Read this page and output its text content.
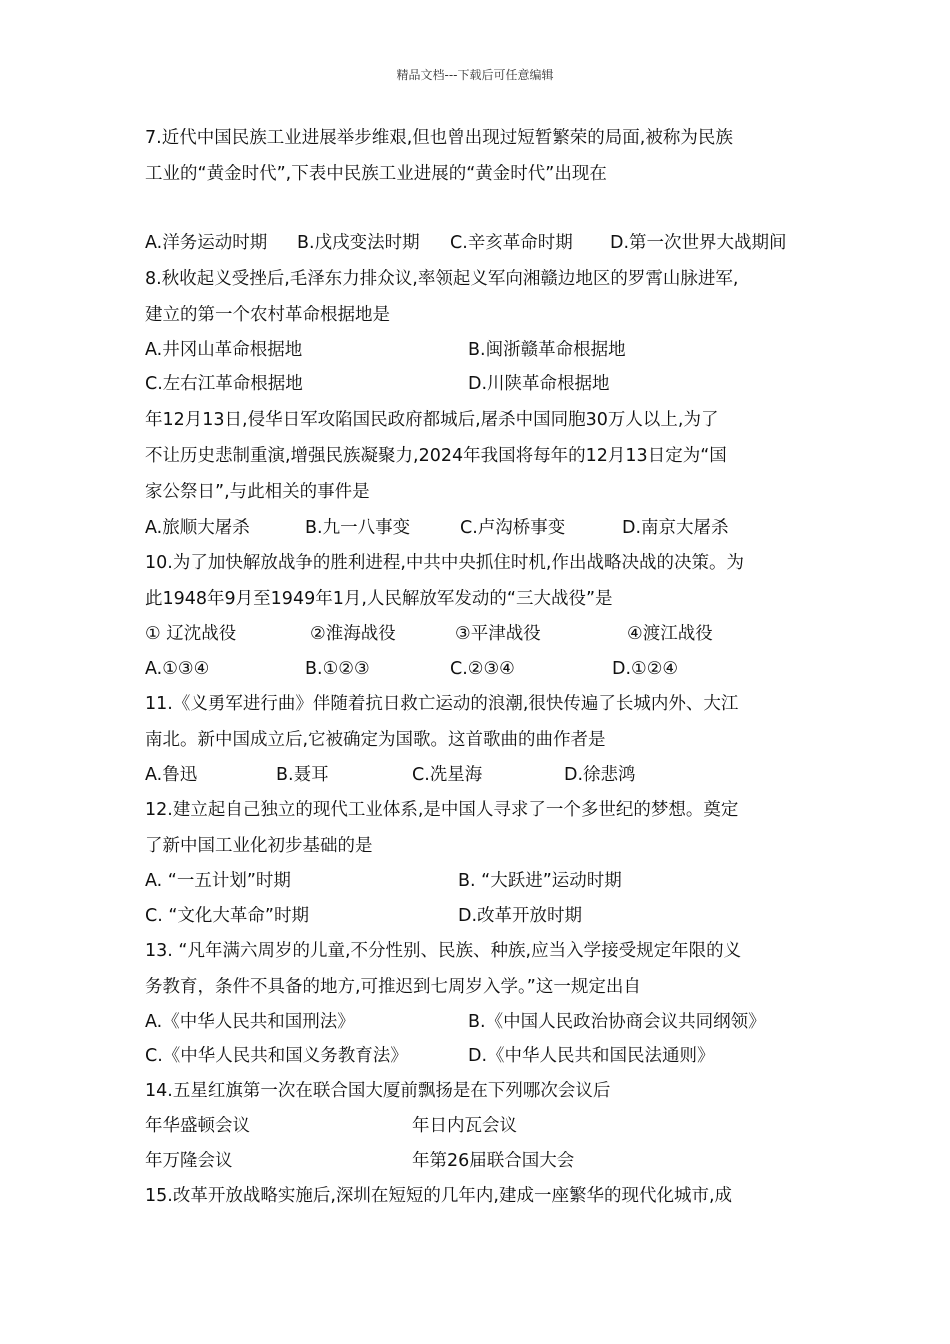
精品文档---下载后可任意编辑
7.近代中国民族工业进展举步维艰,但也曾出现过短暂繁荣的局面,被称为民族
工业的“黄金时代”,下表中民族工业进展的“黄金时代”出现在
A.洋务运动时期 B.戊戌变法时期 C.辛亥革命时期 D.第一次世界大战期间
8.秋收起义受挫后,毛泽东力排众议,率领起义军向湘赣边地区的罗霄山脉进军,
建立的第一个农村革命根据地是
A.井冈山革命根据地	B.闽浙赣革命根据地
C.左右江革命根据地	D.川陕革命根据地
年12月13日,侵华日军攻陷国民政府都城后,屠杀中国同胞30万人以上,为了
不让历史悲制重演,增强民族凝聚力,2024年我国将每年的12月13日定为“国
家公祭日”,与此相关的事件是
A.旅顺大屠杀	B.九一八事变	C.卢沟桥事变	D.南京大屠杀
10.为了加快解放战争的胜利进程,中共中央抓住时机,作出战略决战的决策。为
此1948年9月至1949年1月,人民解放军发动的“三大战役”是
① 辽沈战役	②淮海战役	③平津战役	④渡江战役
A.①③④	B.①②③	C.②③④	D.①②④
11.《义勇军进行曲》伴随着抗日救亡运动的浪潮,很快传遍了长城内外、大江
南北。新中国成立后,它被确定为国歌。这首歌曲的曲作者是
A.鲁迅	B.聂耳	C.冼星海	D.徐悲鸿
12.建立起自己独立的现代工业体系,是中国人寻求了一个多世纪的梦想。奠定
了新中国工业化初步基础的是
A. “一五计划”时期	B. “大跃进”运动时期
C. “文化大革命”时期	D.改革开放时期
13. “凡年满六周岁的儿童,不分性别、民族、种族,应当入学接受规定年限的义
务教育，条件不具备的地方,可推迟到七周岁入学。”这一规定出自
A.《中华人民共和国刑法》	B.《中国人民政治协商会议共同纲领》
C.《中华人民共和国义务教育法》	D.《中华人民共和国民法通则》
14.五星红旗第一次在联合国大厦前飘扬是在下列哪次会议后
年华盛顿会议	年日内瓦会议
年万隆会议	年第26届联合国大会
15.改革开放战略实施后,深圳在短短的几年内,建成一座繁华的现代化城市,成
